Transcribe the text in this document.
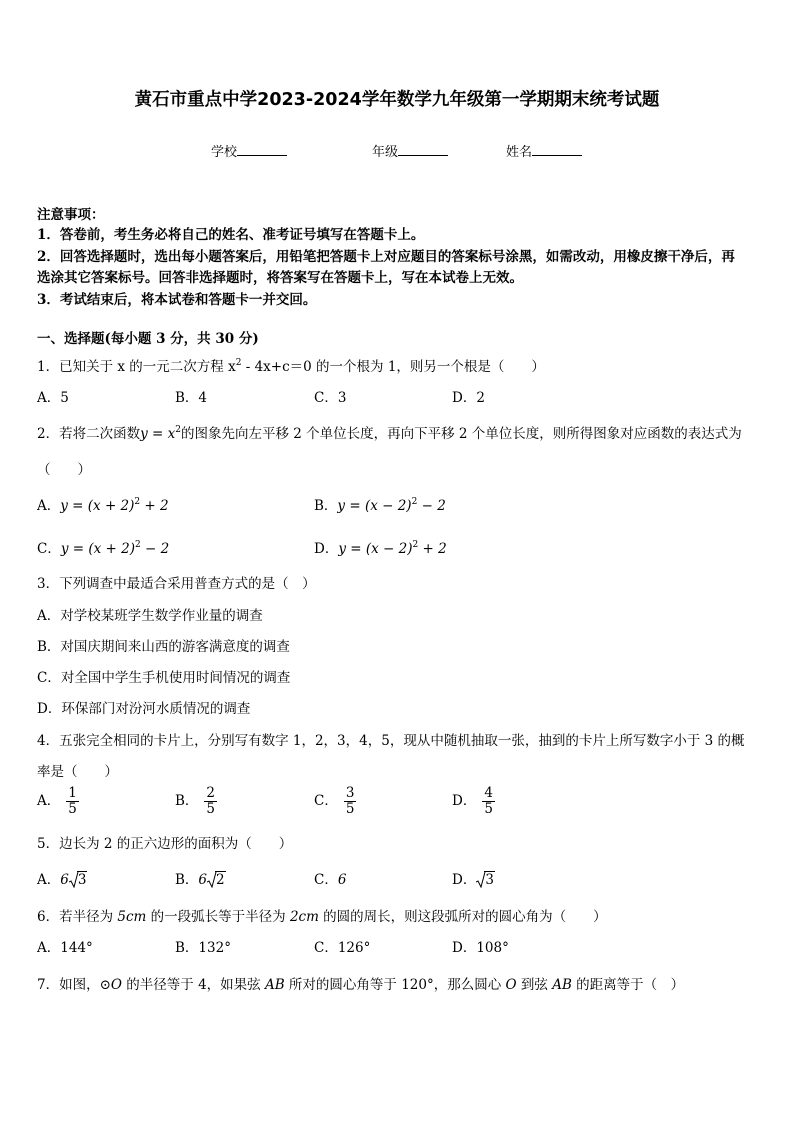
黄石市重点中学2023-2024学年数学九年级第一学期期末统考试题
学校	年级	姓名
注意事项：
1．答卷前，考生务必将自己的姓名、准考证号填写在答题卡上。
2．回答选择题时，选出每小题答案后，用铅笔把答题卡上对应题目的答案标号涂黑，如需改动，用橡皮擦干净后，再
选涂其它答案标号。回答非选择题时，将答案写在答题卡上，写在本试卷上无效。
3．考试结束后，将本试卷和答题卡一并交回。
一、选择题(每小题 3 分，共 30 分)
1．已知关于 x 的一元二次方程 $x^2 - 4x+c=0$ 的一个根为 1，则另一个根是（　　）
A．5	B．4	C．3	D．2
2．若将二次函数$y = x^2$的图象先向左平移 2 个单位长度，再向下平移 2 个单位长度，则所得图象对应函数的表达式为
（　　）
A．$y = (x + 2)^2 + 2$	B．$y = (x - 2)^2 - 2$
C．$y = (x + 2)^2 - 2$	D．$y = (x - 2)^2 + 2$
3．下列调查中最适合采用普查方式的是（　）
A．对学校某班学生数学作业量的调查
B．对国庆期间来山西的游客满意度的调查
C．对全国中学生手机使用时间情况的调查
D．环保部门对汾河水质情况的调查
4．五张完全相同的卡片上，分别写有数字 1，2，3，4，5，现从中随机抽取一张，抽到的卡片上所写数字小于 3 的概
率是（　　）
A． $\frac{1}{5}$	B． $\frac{2}{5}$	C． $\frac{3}{5}$	D． $\frac{4}{5}$
5．边长为 2 的正六边形的面积为（　　）
A．6 3	B．6 2	C．6	D． 3
6．若半径为 5cm 的一段弧长等于半径为 2cm 的圆的周长，则这段弧所对的圆心角为（　　）
A．144°	B．132°	C．126°	D．108°
7．如图，⊙O 的半径等于 4，如果弦 AB 所对的圆心角等于 120°，那么圆心 O 到弦 AB 的距离等于（　）
